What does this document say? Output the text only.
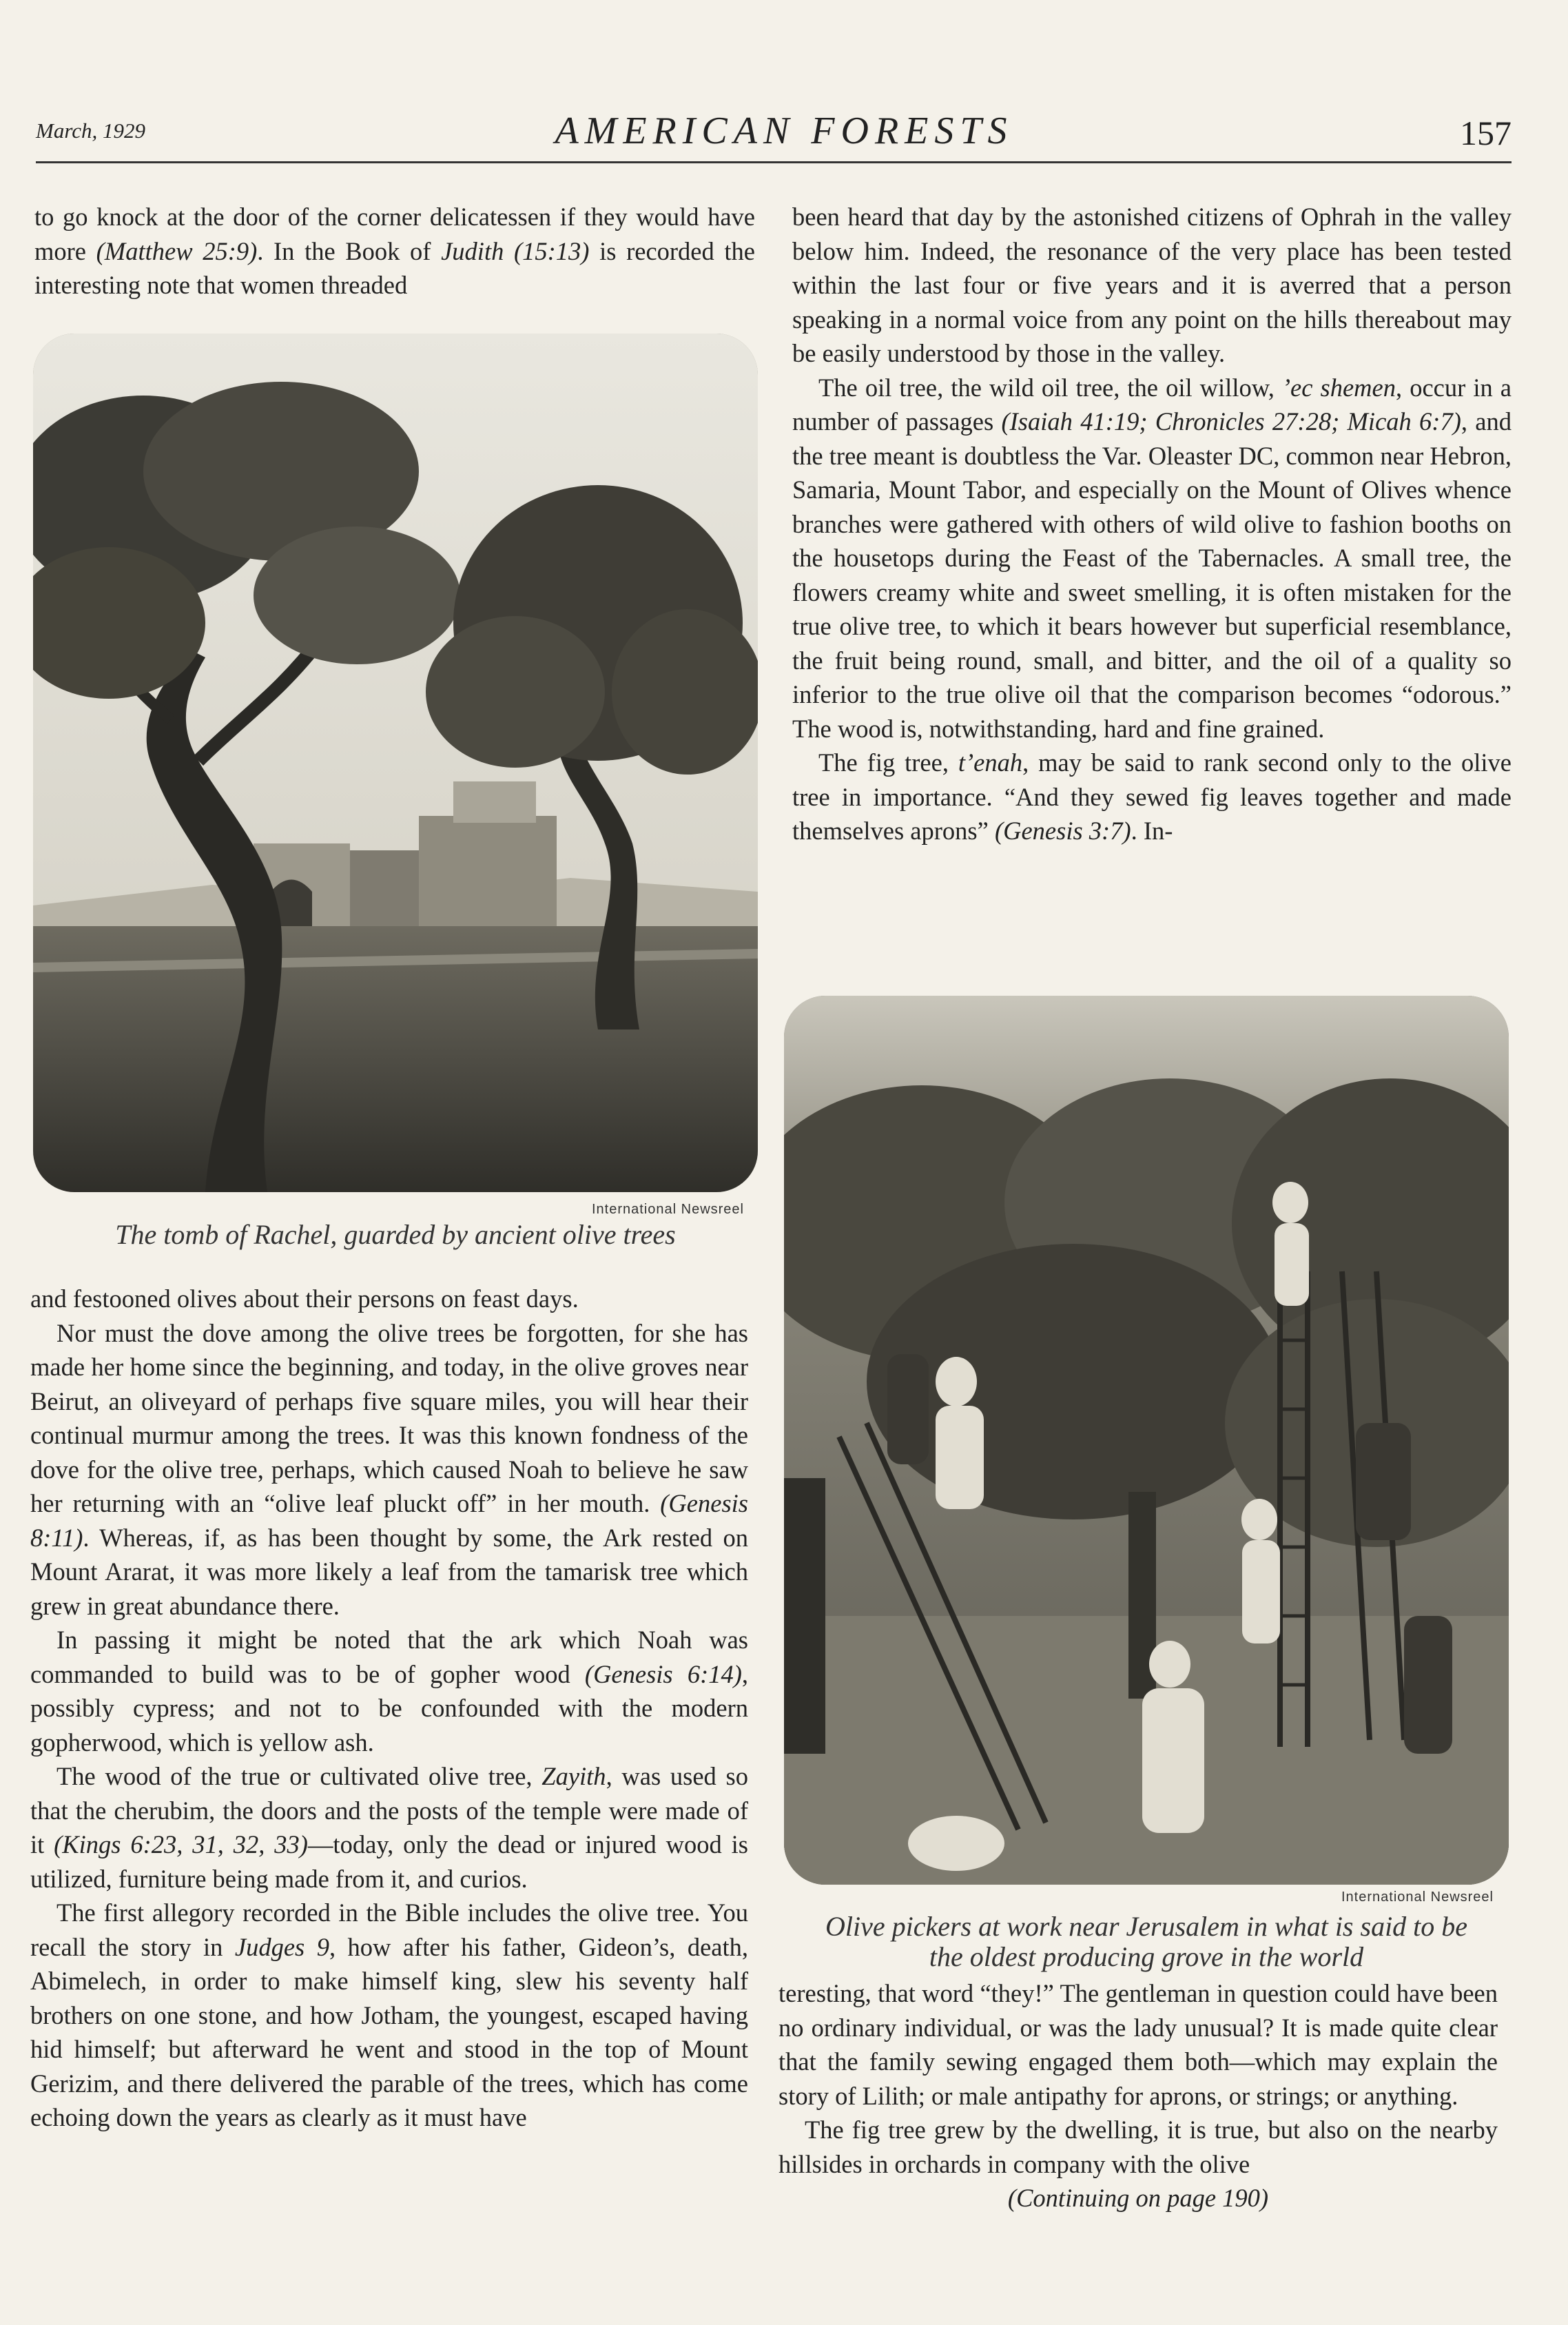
March, 1929	AMERICAN FORESTS	157

to go knock at the door of the corner delicatessen if they would have more (Matthew 25:9). In the Book of Judith (15:13) is recorded the interesting note that women threaded

International Newsreel
The tomb of Rachel, guarded by ancient olive trees

and festooned olives about their persons on feast days.

Nor must the dove among the olive trees be forgotten, for she has made her home since the beginning, and today, in the olive groves near Beirut, an oliveyard of perhaps five square miles, you will hear their continual murmur among the trees. It was this known fondness of the dove for the olive tree, perhaps, which caused Noah to believe he saw her returning with an “olive leaf pluckt off” in her mouth. (Genesis 8:11). Whereas, if, as has been thought by some, the Ark rested on Mount Ararat, it was more likely a leaf from the tamarisk tree which grew in great abundance there.

In passing it might be noted that the ark which Noah was commanded to build was to be of gopher wood (Genesis 6:14), possibly cypress; and not to be confounded with the modern gopherwood, which is yellow ash.

The wood of the true or cultivated olive tree, Zayith, was used so that the cherubim, the doors and the posts of the temple were made of it (Kings 6:23, 31, 32, 33)—today, only the dead or injured wood is utilized, furniture being made from it, and curios.

The first allegory recorded in the Bible includes the olive tree. You recall the story in Judges 9, how after his father, Gideon’s, death, Abimelech, in order to make himself king, slew his seventy half brothers on one stone, and how Jotham, the youngest, escaped having hid himself; but afterward he went and stood in the top of Mount Gerizim, and there delivered the parable of the trees, which has come echoing down the years as clearly as it must have

been heard that day by the astonished citizens of Ophrah in the valley below him. Indeed, the resonance of the very place has been tested within the last four or five years and it is averred that a person speaking in a normal voice from any point on the hills thereabout may be easily understood by those in the valley.

The oil tree, the wild oil tree, the oil willow, ’ec shemen, occur in a number of passages (Isaiah 41:19; Chronicles 27:28; Micah 6:7), and the tree meant is doubtless the Var. Oleaster DC, common near Hebron, Samaria, Mount Tabor, and especially on the Mount of Olives whence branches were gathered with others of wild olive to fashion booths on the housetops during the Feast of the Tabernacles. A small tree, the flowers creamy white and sweet smelling, it is often mistaken for the true olive tree, to which it bears however but superficial resemblance, the fruit being round, small, and bitter, and the oil of a quality so inferior to the true olive oil that the comparison becomes “odorous.” The wood is, notwithstanding, hard and fine grained.

The fig tree, t’enah, may be said to rank second only to the olive tree in importance. “And they sewed fig leaves together and made themselves aprons” (Genesis 3:7). In-

International Newsreel
Olive pickers at work near Jerusalem in what is said to be
the oldest producing grove in the world

teresting, that word “they!” The gentleman in question could have been no ordinary individual, or was the lady unusual? It is made quite clear that the family sewing engaged them both—which may explain the story of Lilith; or male antipathy for aprons, or strings; or anything.

The fig tree grew by the dwelling, it is true, but also on the nearby hillsides in orchards in company with the olive

(Continuing on page 190)
